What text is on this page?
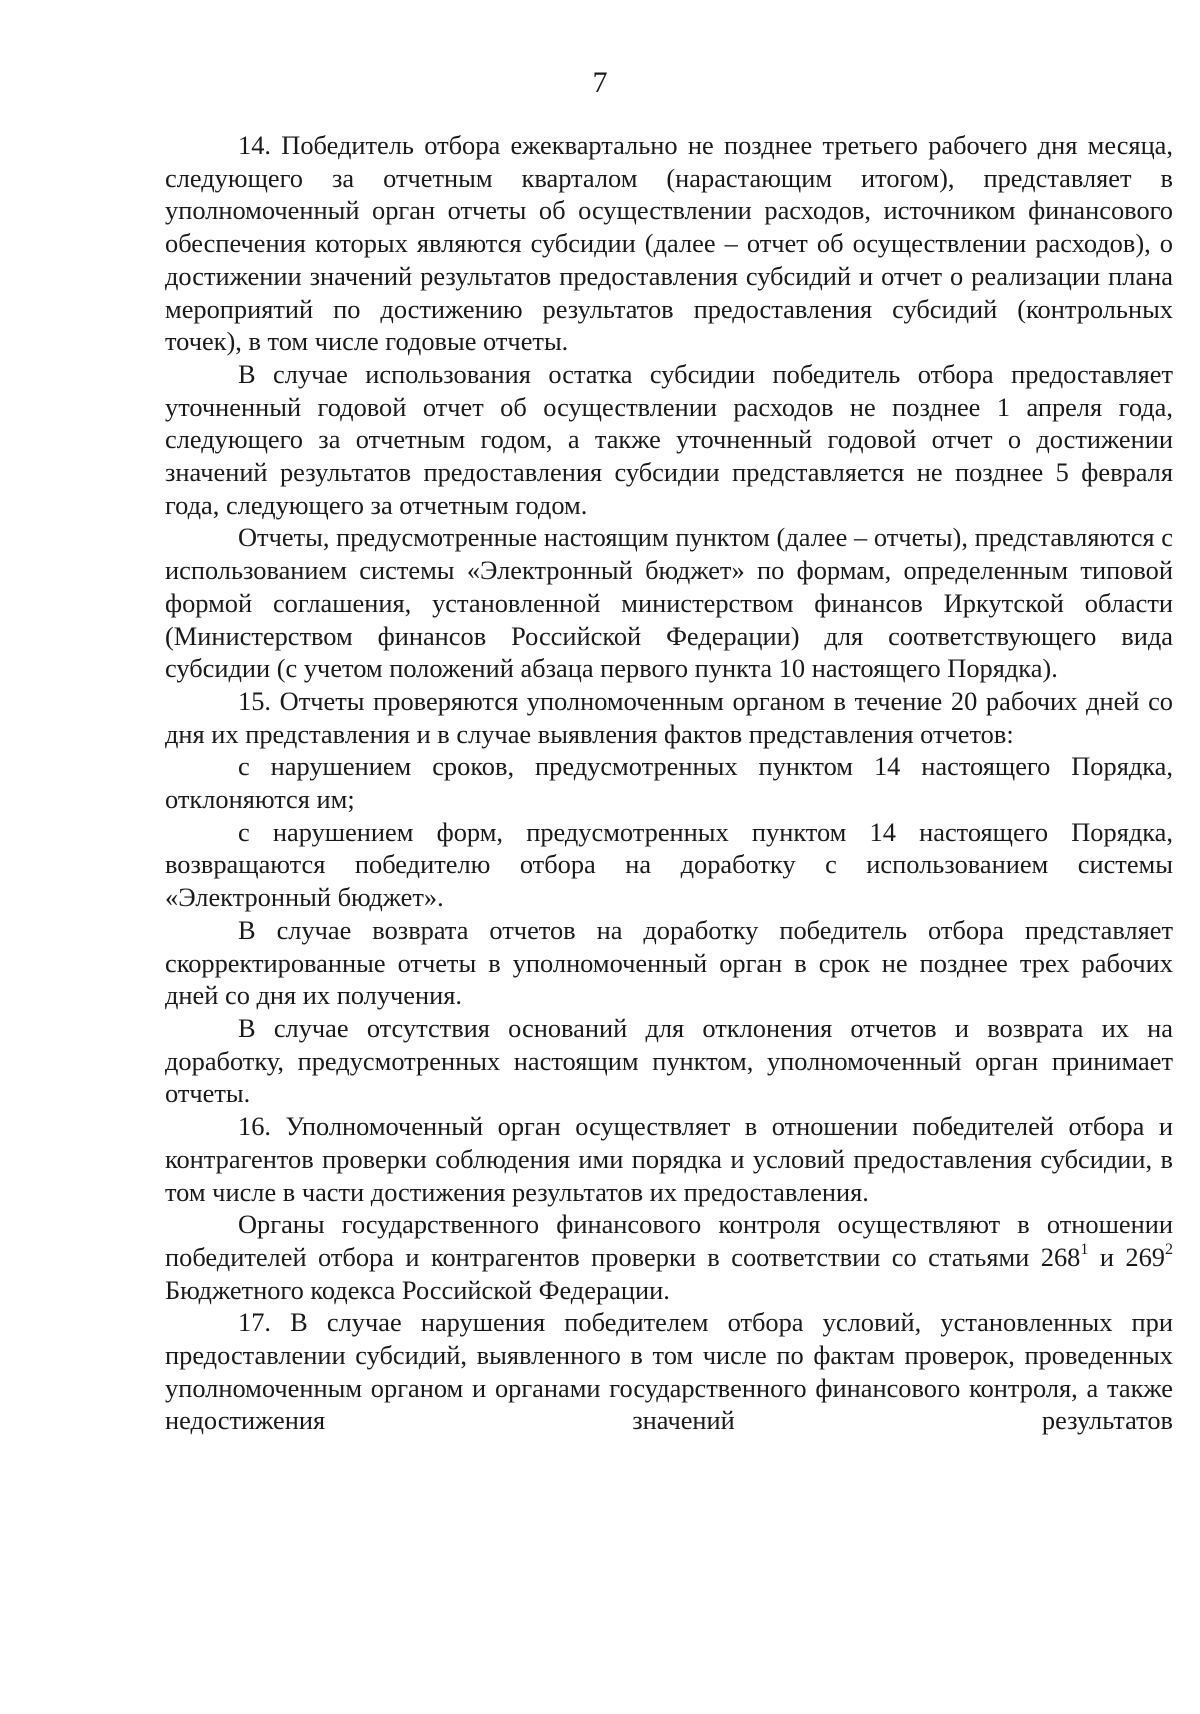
7

14. Победитель отбора ежеквартально не позднее третьего рабочего дня месяца, следующего за отчетным кварталом (нарастающим итогом), представляет в уполномоченный орган отчеты об осуществлении расходов, источником финансового обеспечения которых являются субсидии (далее – отчет об осуществлении расходов), о достижении значений результатов предоставления субсидий и отчет о реализации плана мероприятий по достижению результатов предоставления субсидий (контрольных точек), в том числе годовые отчеты.

В случае использования остатка субсидии победитель отбора предоставляет уточненный годовой отчет об осуществлении расходов не позднее 1 апреля года, следующего за отчетным годом, а также уточненный годовой отчет о достижении значений результатов предоставления субсидии представляется не позднее 5 февраля года, следующего за отчетным годом.

Отчеты, предусмотренные настоящим пунктом (далее – отчеты), представляются с использованием системы «Электронный бюджет» по формам, определенным типовой формой соглашения, установленной министерством финансов Иркутской области (Министерством финансов Российской Федерации) для соответствующего вида субсидии (с учетом положений абзаца первого пункта 10 настоящего Порядка).

15. Отчеты проверяются уполномоченным органом в течение 20 рабочих дней со дня их представления и в случае выявления фактов представления отчетов:

с нарушением сроков, предусмотренных пунктом 14 настоящего Порядка, отклоняются им;

с нарушением форм, предусмотренных пунктом 14 настоящего Порядка, возвращаются победителю отбора на доработку с использованием системы «Электронный бюджет».

В случае возврата отчетов на доработку победитель отбора представляет скорректированные отчеты в уполномоченный орган в срок не позднее трех рабочих дней со дня их получения.

В случае отсутствия оснований для отклонения отчетов и возврата их на доработку, предусмотренных настоящим пунктом, уполномоченный орган принимает отчеты.

16. Уполномоченный орган осуществляет в отношении победителей отбора и контрагентов проверки соблюдения ими порядка и условий предоставления субсидии, в том числе в части достижения результатов их предоставления.

Органы государственного финансового контроля осуществляют в отношении победителей отбора и контрагентов проверки в соответствии со статьями $268^1$ и $269^2$ Бюджетного кодекса Российской Федерации.

17. В случае нарушения победителем отбора условий, установленных при предоставлении субсидий, выявленного в том числе по фактам проверок, проведенных уполномоченным органом и органами государственного финансового контроля, а также недостижения значений результатов
